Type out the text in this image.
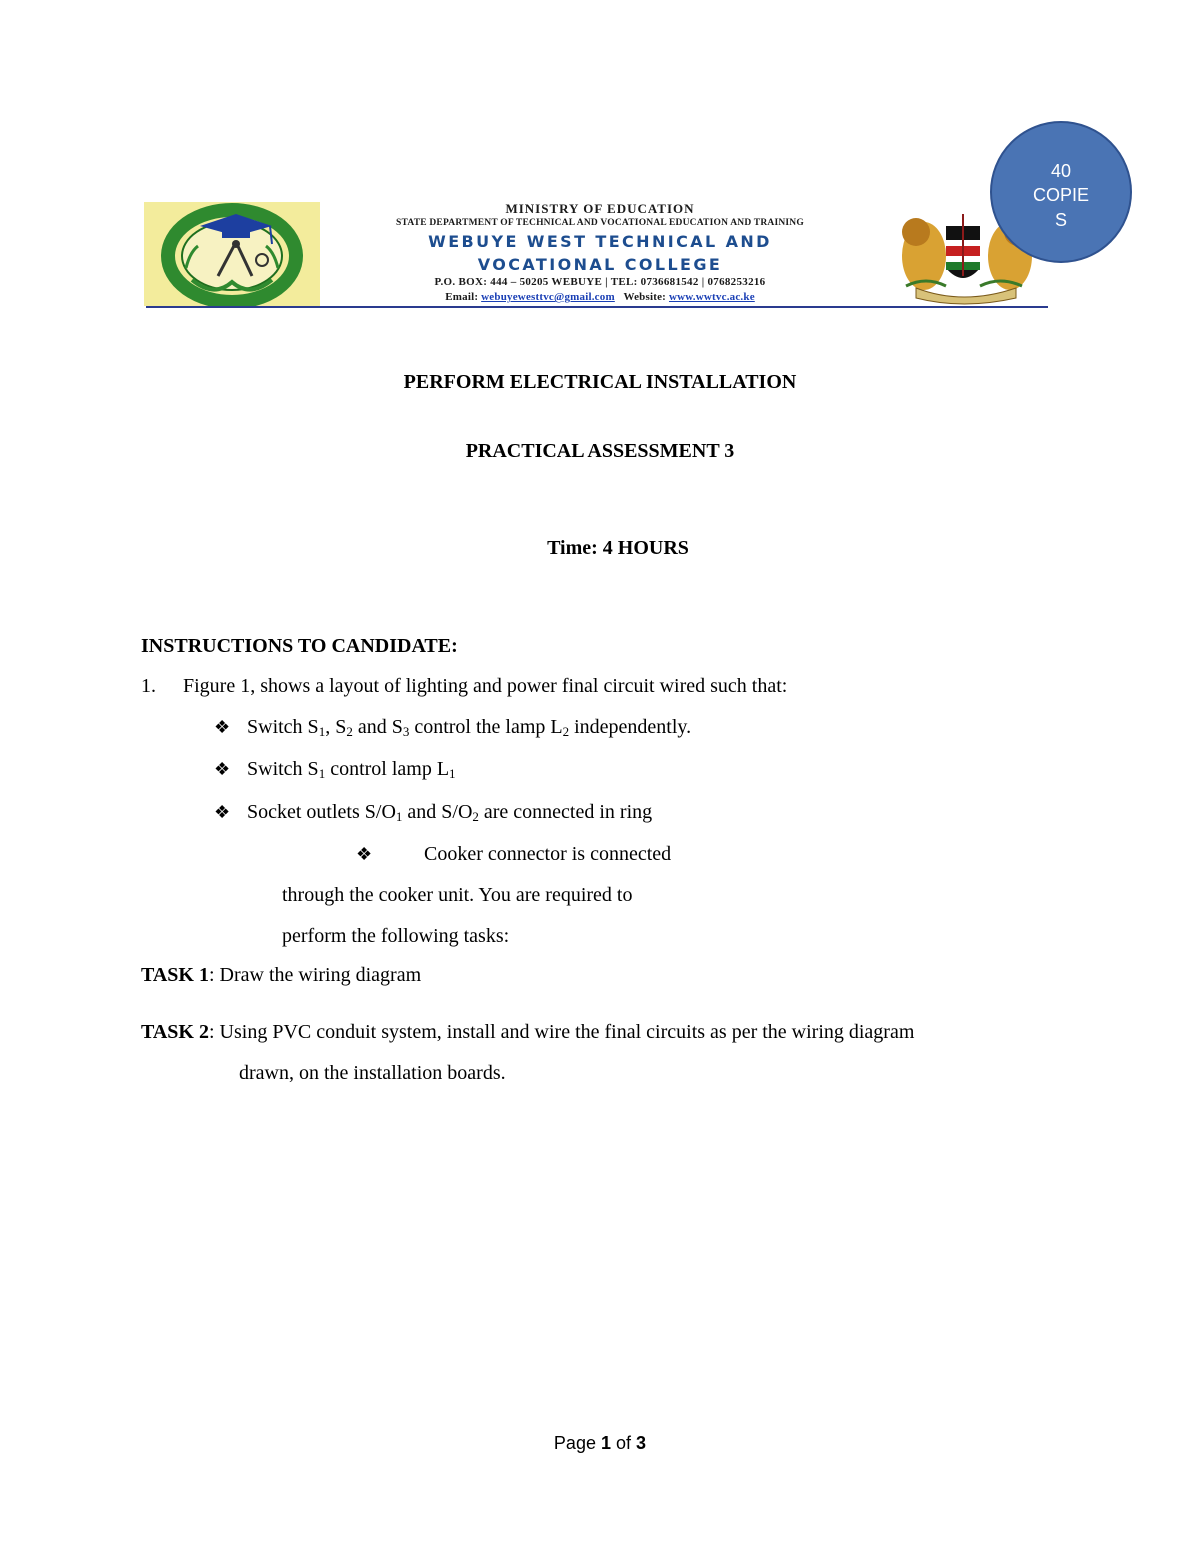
MINISTRY OF EDUCATION
STATE DEPARTMENT OF TECHNICAL AND VOCATIONAL EDUCATION AND TRAINING
WEBUYE WEST TECHNICAL AND
VOCATIONAL COLLEGE
P.O. BOX: 444 – 50205 WEBUYE | TEL: 0736681542 | 0768253216
Email: webuyewesttvc@gmail.com Website: www.wwtvc.ac.ke
40
COPIE
S
PERFORM ELECTRICAL INSTALLATION
PRACTICAL ASSESSMENT 3
Time: 4 HOURS
INSTRUCTIONS TO CANDIDATE:
1. Figure 1, shows a layout of lighting and power final circuit wired such that:
❖ Switch $S_1$, $S_2$ and $S_3$ control the lamp $L_2$ independently.
❖ Switch $S_1$ control lamp $L_1$
❖ Socket outlets $S/O_1$ and $S/O_2$ are connected in ring
❖	Cooker connector is connected
through the cooker unit. You are required to
perform the following tasks:
TASK 1: Draw the wiring diagram
TASK 2: Using PVC conduit system, install and wire the final circuits as per the wiring diagram
drawn, on the installation boards.
Page 1 of 3
